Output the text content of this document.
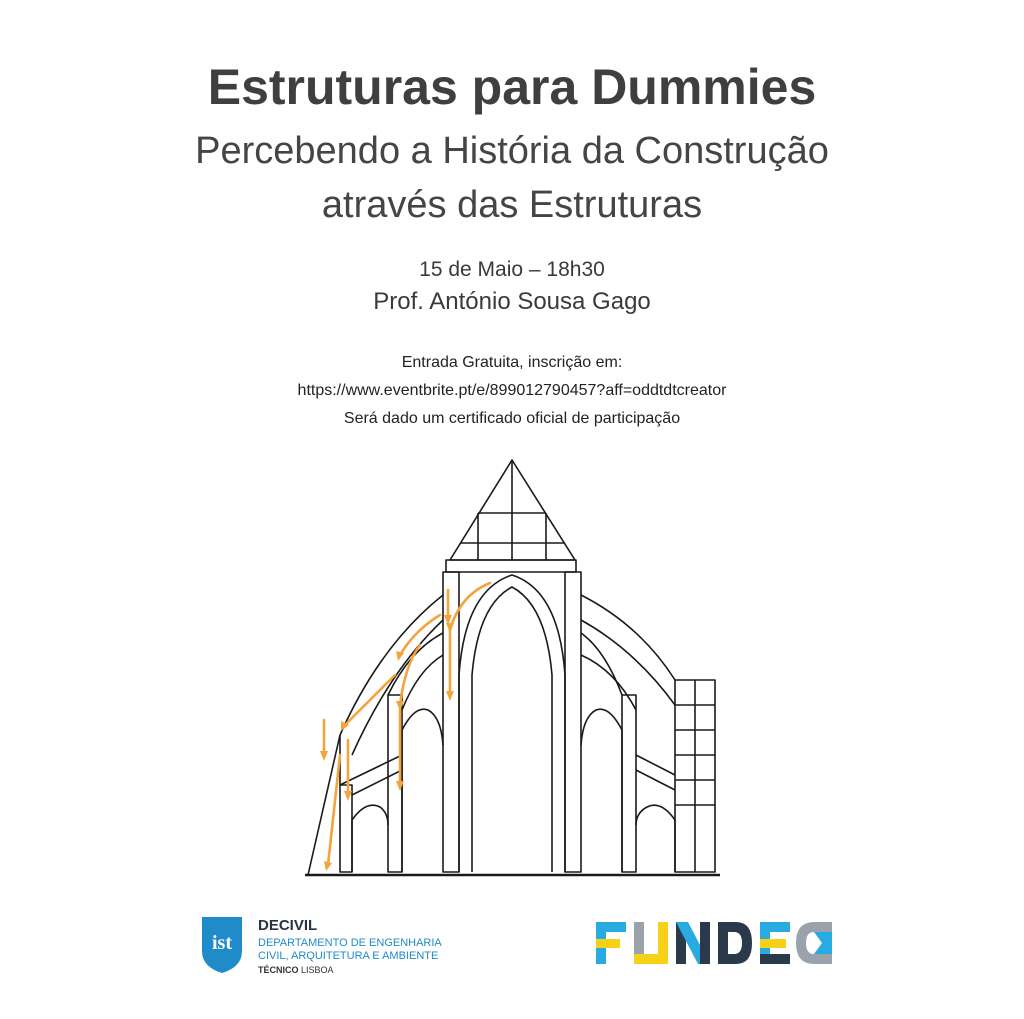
Estruturas para Dummies
Percebendo a História da Construção
através das Estruturas
15 de Maio – 18h30
Prof. António Sousa Gago
Entrada Gratuita, inscrição em:
https://www.eventbrite.pt/e/899012790457?aff=oddtdtcreator
Será dado um certificado oficial de participação
ist
DECIVIL
DEPARTAMENTO DE ENGENHARIA
CIVIL, ARQUITETURA E AMBIENTE
TÉCNICO LISBOA
